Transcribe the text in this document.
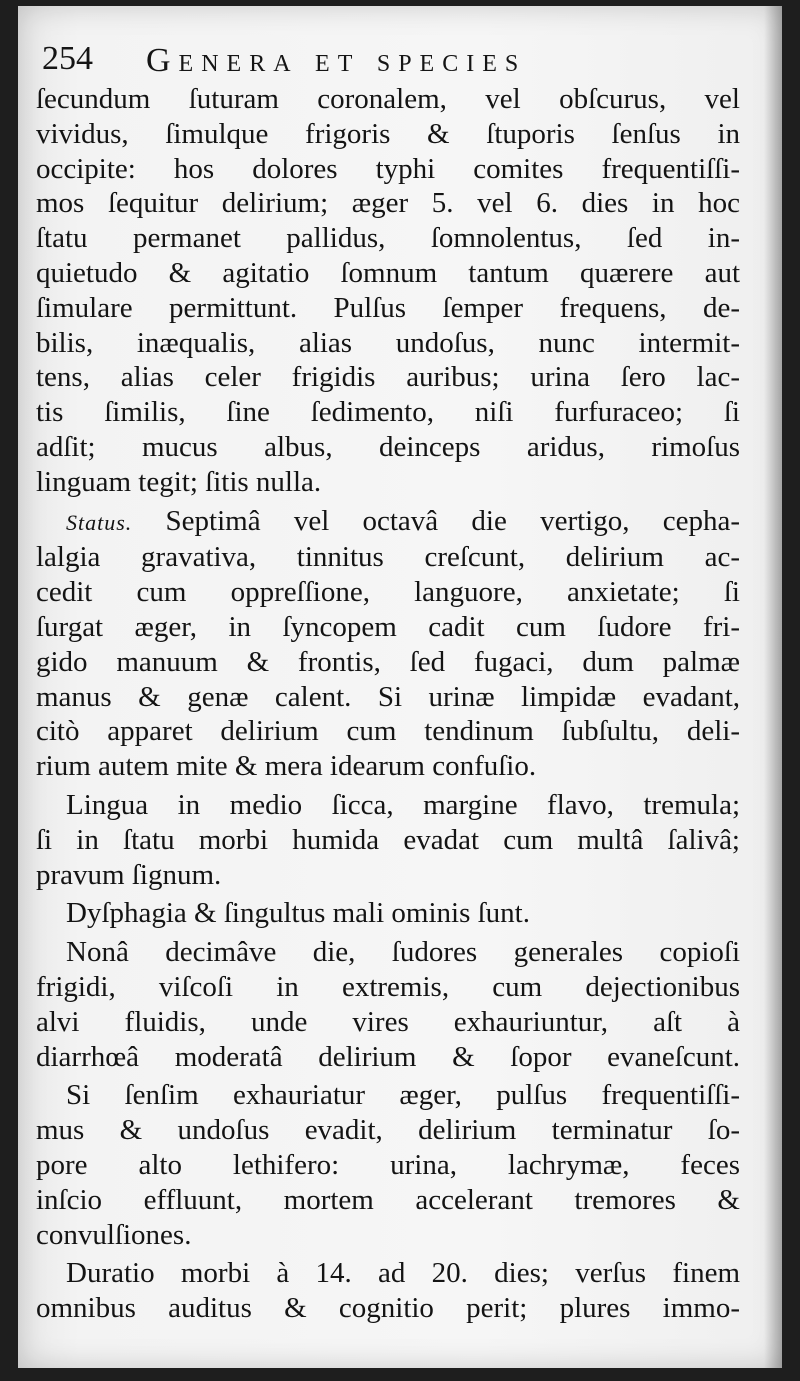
254 Genera et species
ſecundum ſuturam coronalem, vel obſcurus, vel
vividus, ſimulque frigoris & ſtuporis ſenſus in
occipite: hos dolores typhi comites frequentiſſi-
mos ſequitur delirium; æger 5. vel 6. dies in hoc
ſtatu permanet pallidus, ſomnolentus, ſed in-
quietudo & agitatio ſomnum tantum quærere aut
ſimulare permittunt. Pulſus ſemper frequens, de-
bilis, inæqualis, alias undoſus, nunc intermit-
tens, alias celer frigidis auribus; urina ſero lac-
tis ſimilis, ſine ſedimento, niſi furfuraceo; ſi
adſit; mucus albus, deinceps aridus, rimoſus
linguam tegit; ſitis nulla.
Status. Septimâ vel octavâ die vertigo, cepha-
lalgia gravativa, tinnitus creſcunt, delirium ac-
cedit cum oppreſſione, languore, anxietate; ſi
ſurgat æger, in ſyncopem cadit cum ſudore fri-
gido manuum & frontis, ſed fugaci, dum palmæ
manus & genæ calent. Si urinæ limpidæ evadant,
citò apparet delirium cum tendinum ſubſultu, deli-
rium autem mite & mera idearum confuſio.
Lingua in medio ſicca, margine flavo, tremula;
ſi in ſtatu morbi humida evadat cum multâ ſalivâ;
pravum ſignum.
Dyſphagia & ſingultus mali ominis ſunt.
Nonâ decimâve die, ſudores generales copioſi
frigidi, viſcoſi in extremis, cum dejectionibus
alvi fluidis, unde vires exhauriuntur, aſt à
diarrhœâ moderatâ delirium & ſopor evaneſcunt.
Si ſenſim exhauriatur æger, pulſus frequentiſſi-
mus & undoſus evadit, delirium terminatur ſo-
pore alto lethifero: urina, lachrymæ, feces
inſcio effluunt, mortem accelerant tremores &
convulſiones.
Duratio morbi à 14. ad 20. dies; verſus finem
omnibus auditus & cognitio perit; plures immo-
